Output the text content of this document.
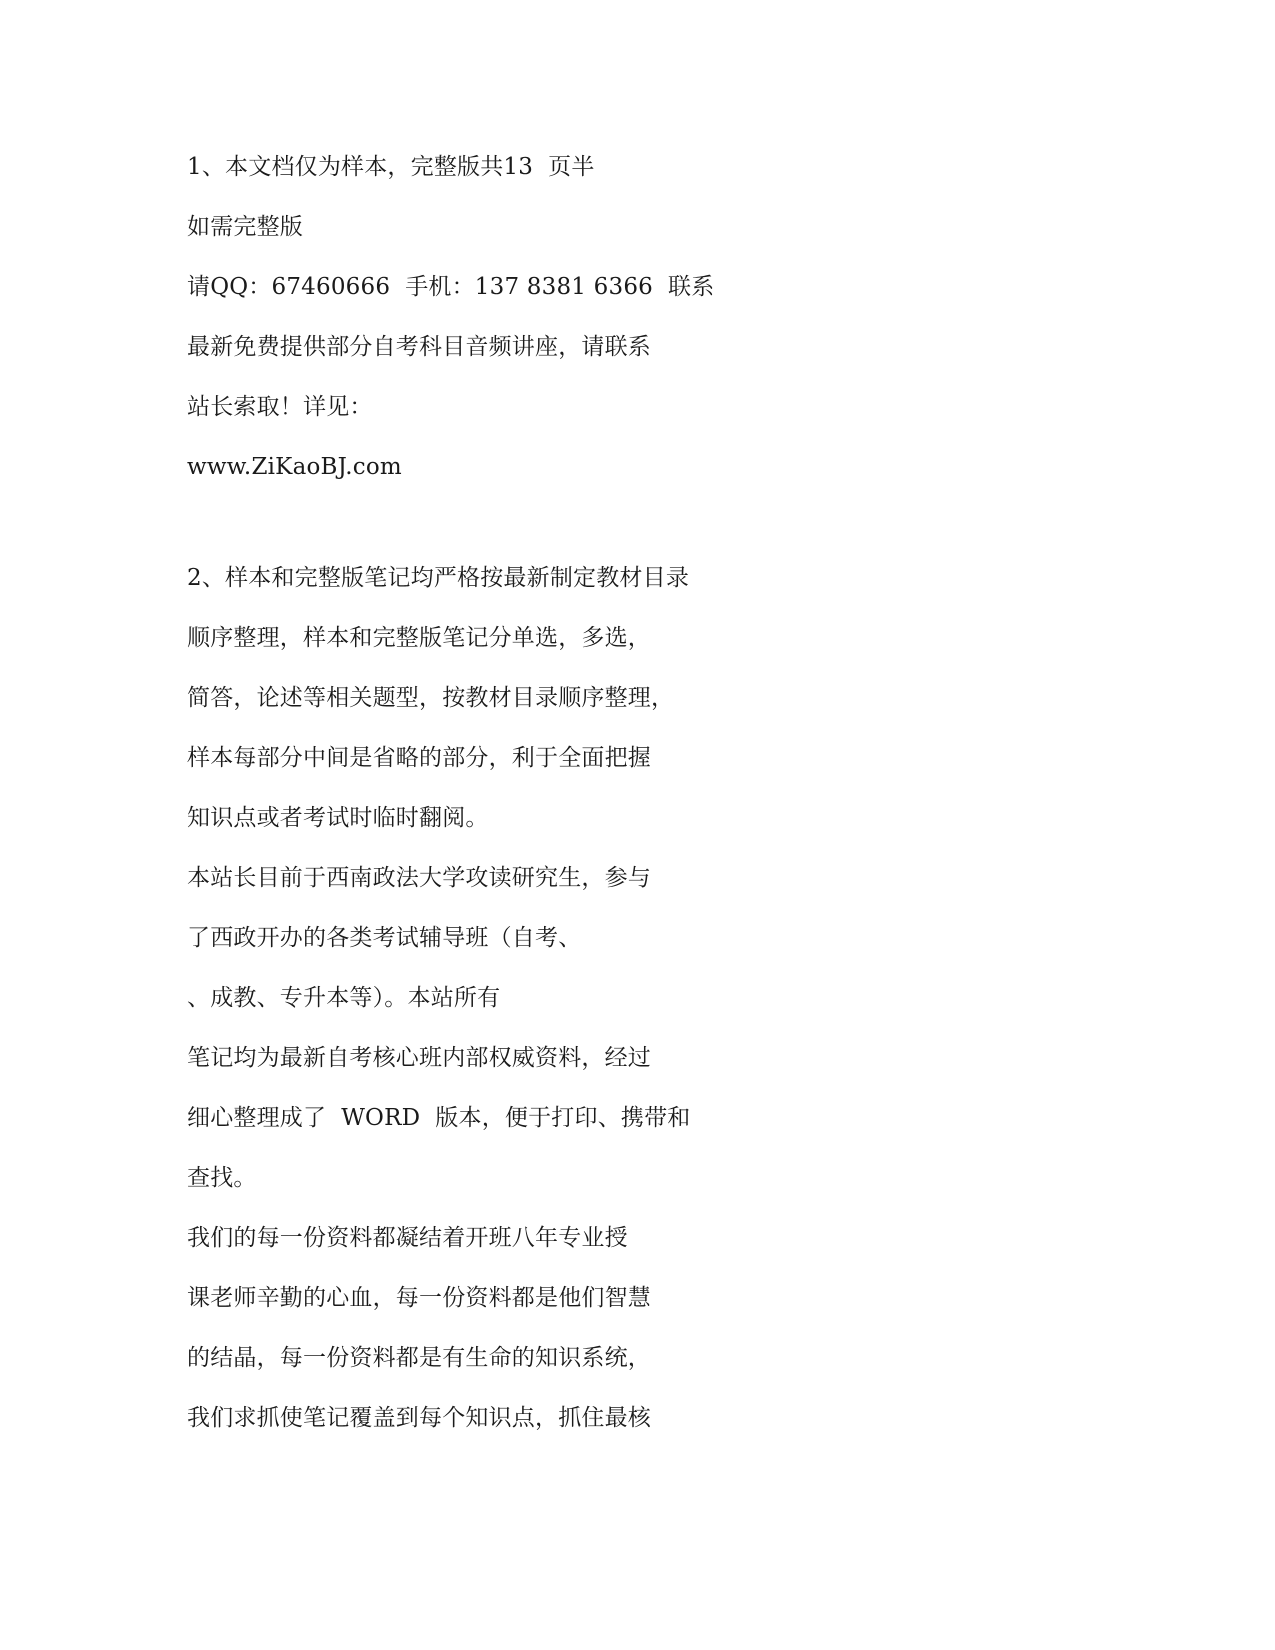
1、本文档仅为样本，完整版共13  页半
如需完整版
请QQ：67460666  手机：137 8381 6366  联系
最新免费提供部分自考科目音频讲座，请联系
站长索取！详见：
www.ZiKaoBJ.com
2、样本和完整版笔记均严格按最新制定教材目录
顺序整理，样本和完整版笔记分单选，多选，
简答，论述等相关题型，按教材目录顺序整理，
样本每部分中间是省略的部分，利于全面把握
知识点或者考试时临时翻阅。
本站长目前于西南政法大学攻读研究生，参与
了西政开办的各类考试辅导班（自考、
、成教、专升本等）。本站所有
笔记均为最新自考核心班内部权威资料，经过
细心整理成了  WORD  版本，便于打印、携带和
查找。
我们的每一份资料都凝结着开班八年专业授
课老师辛勤的心血，每一份资料都是他们智慧
的结晶，每一份资料都是有生命的知识系统，
我们求抓使笔记覆盖到每个知识点，抓住最核
